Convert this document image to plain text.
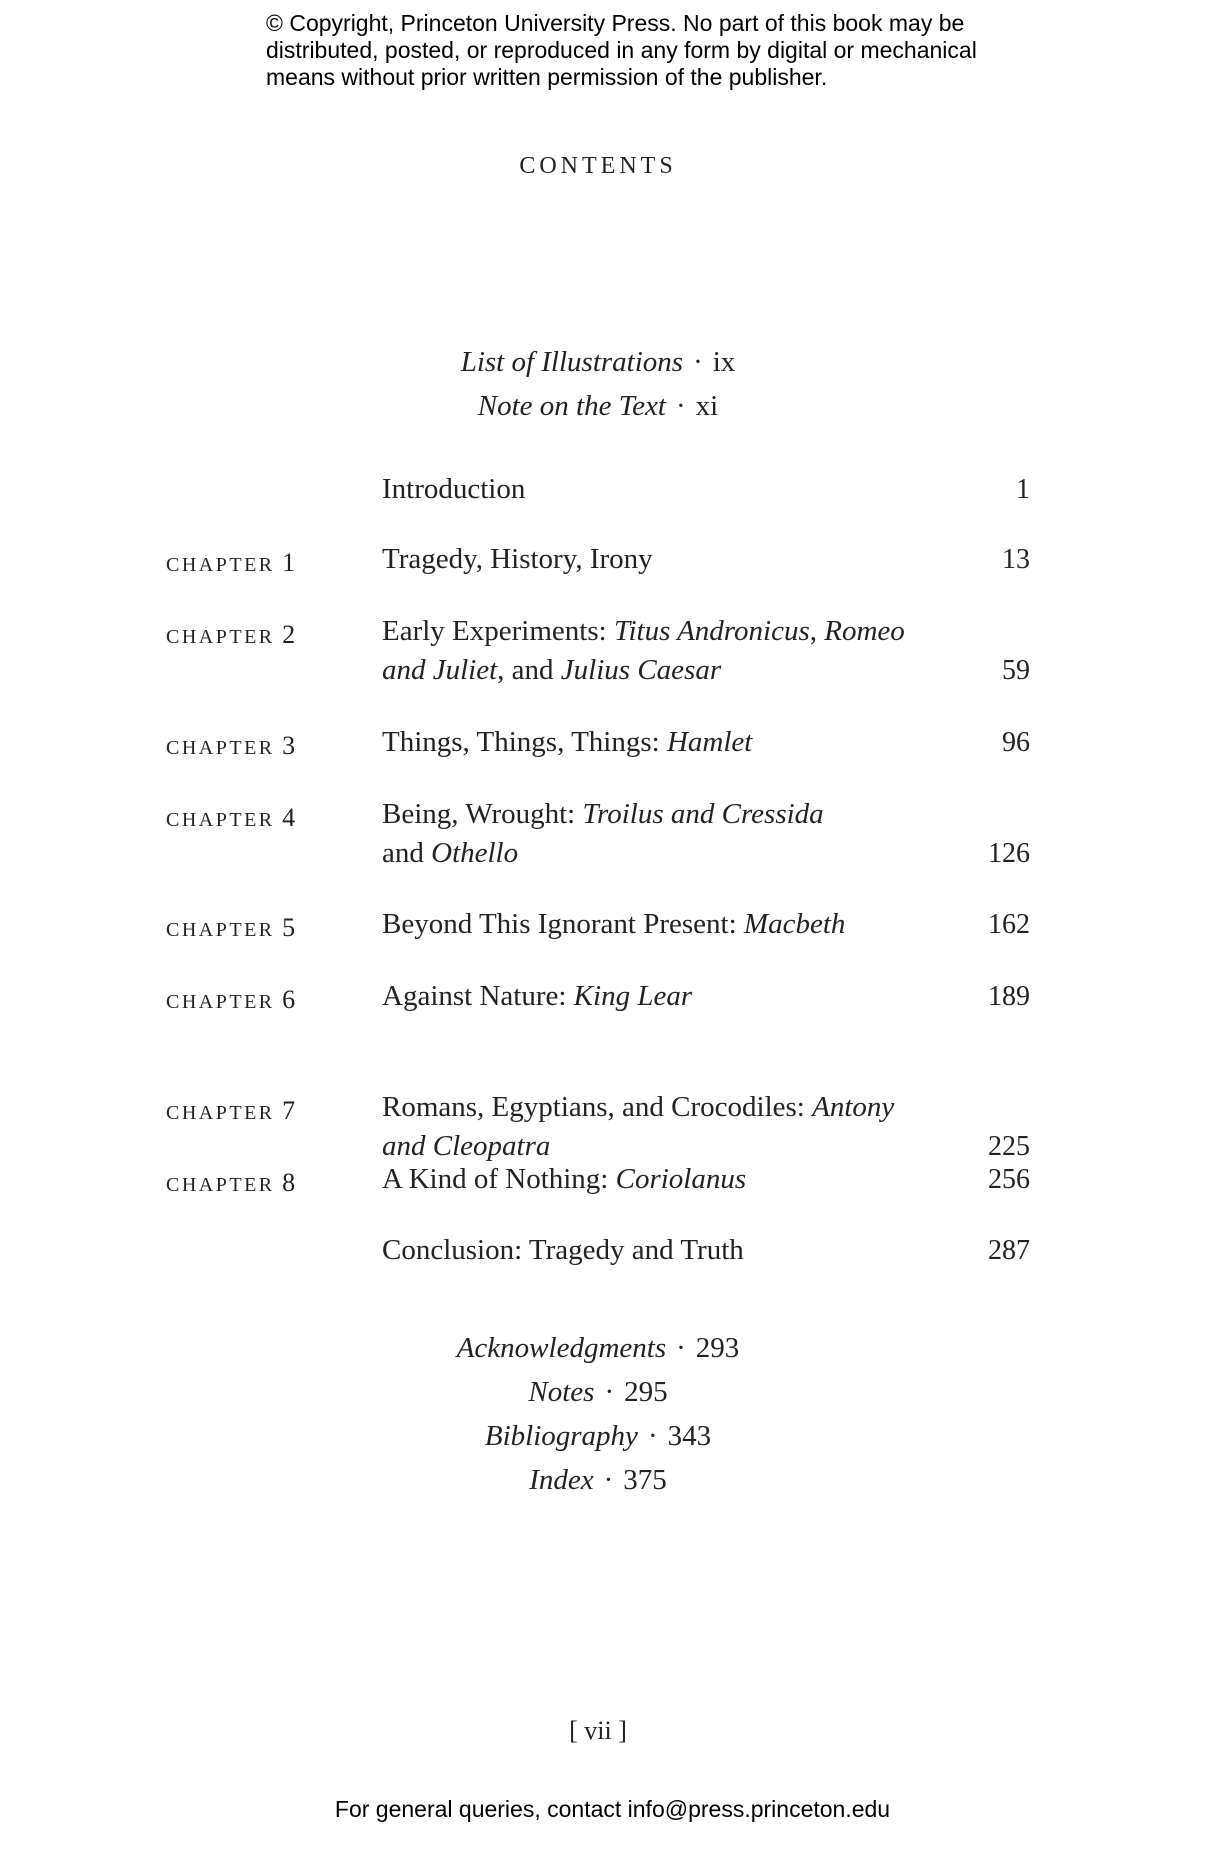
© Copyright, Princeton University Press. No part of this book may be
distributed, posted, or reproduced in any form by digital or mechanical
means without prior written permission of the publisher.
CONTENTS
List of Illustrations · ix
Note on the Text · xi
Introduction	1
CHAPTER 1	Tragedy, History, Irony	13
CHAPTER 2	Early Experiments: Titus Andronicus, Romeo
and Juliet, and Julius Caesar	59
CHAPTER 3	Things, Things, Things: Hamlet	96
CHAPTER 4	Being, Wrought: Troilus and Cressida
and Othello	126
CHAPTER 5	Beyond This Ignorant Present: Macbeth	162
CHAPTER 6	Against Nature: King Lear	189
CHAPTER 7	Romans, Egyptians, and Crocodiles: Antony
and Cleopatra	225
CHAPTER 8	A Kind of Nothing: Coriolanus	256
Conclusion: Tragedy and Truth	287
Acknowledgments · 293
Notes · 295
Bibliography · 343
Index · 375
[ vii ]
For general queries, contact info@press.princeton.edu
